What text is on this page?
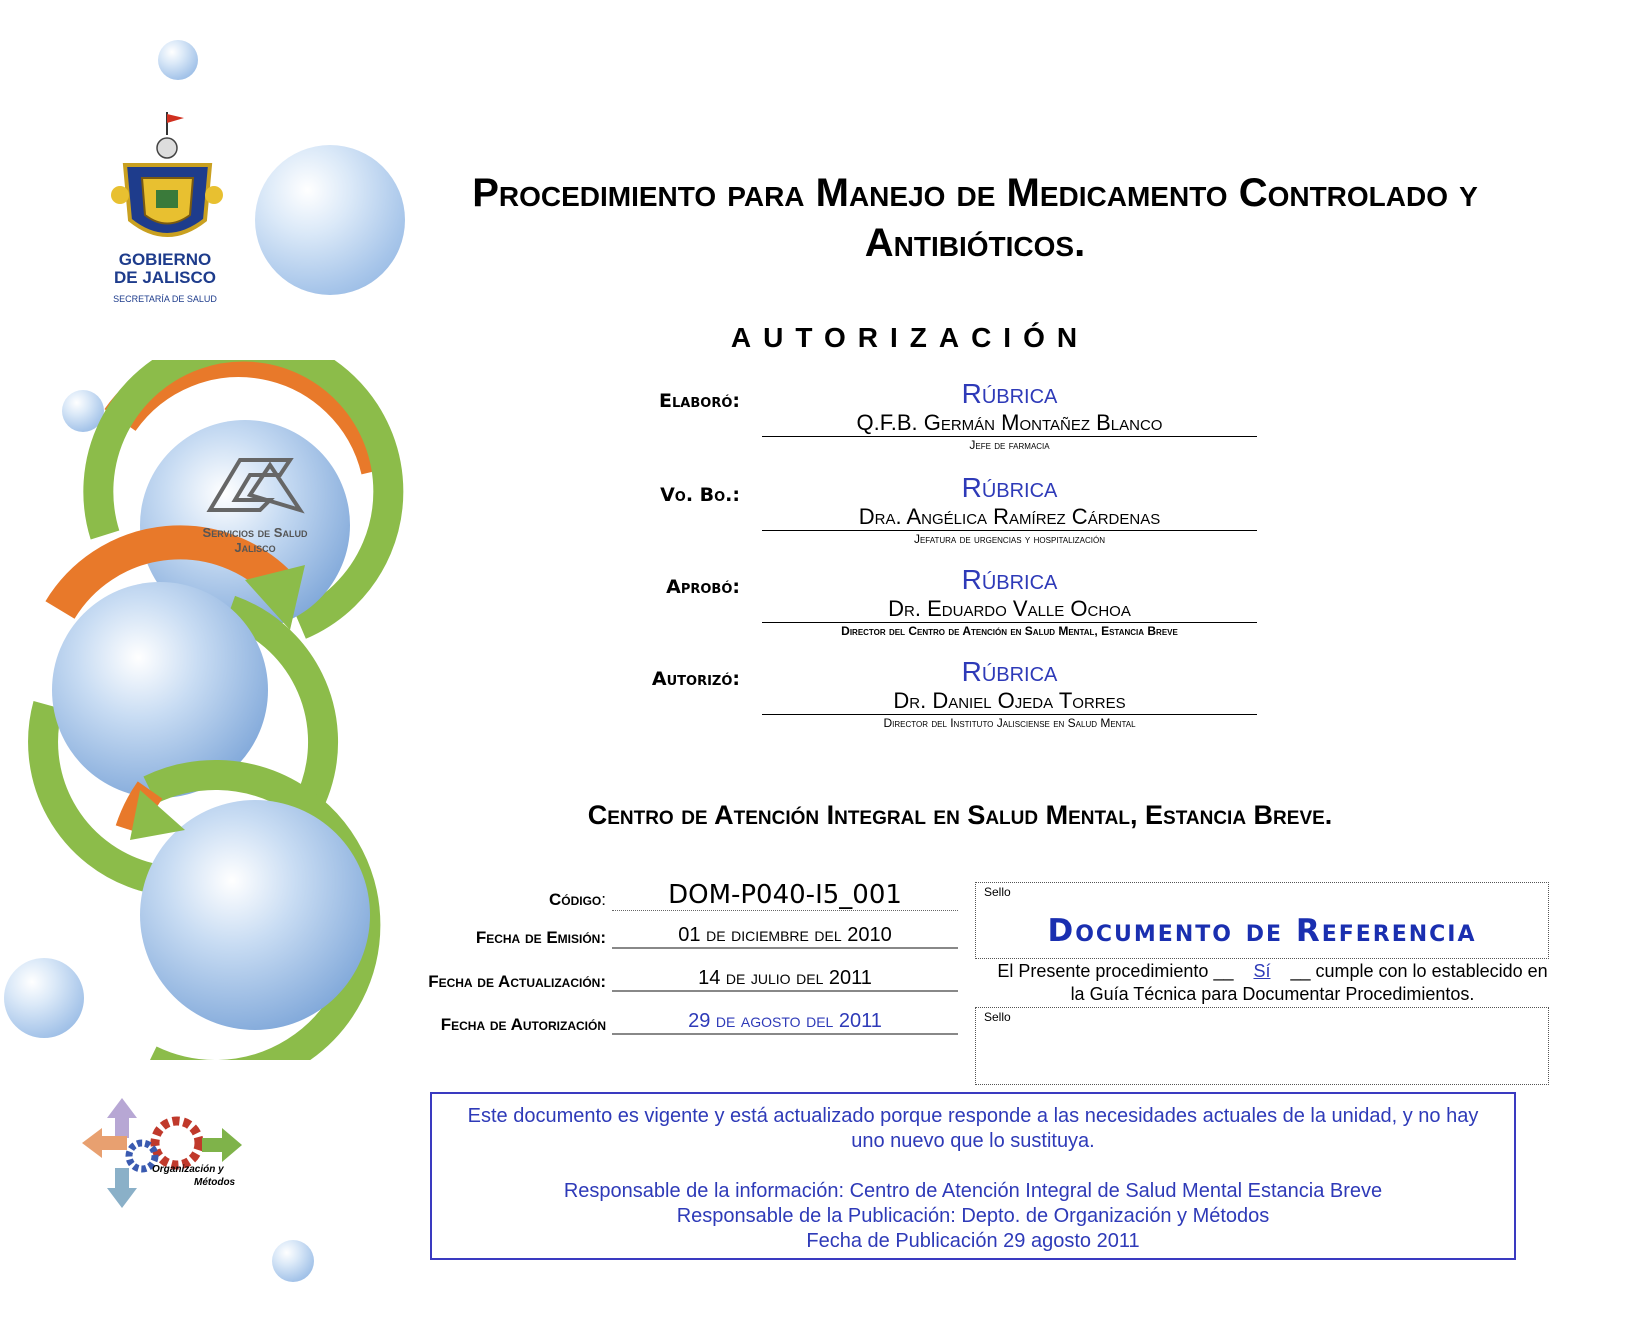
GOBIERNO
DE JALISCO
SECRETARÍA DE SALUD
Servicios de Salud
Jalisco
Organización y
Métodos
Procedimiento para Manejo de Medicamento Controlado y
Antibióticos.
AUTORIZACIÓN
Elaboró:	Rúbrica
Q.F.B. Germán Montañez Blanco
Jefe de farmacia
Vo. Bo.:	Rúbrica
Dra. Angélica Ramírez Cárdenas
Jefatura de urgencias y hospitalización
Aprobó:	Rúbrica
Dr. Eduardo Valle Ochoa
Director del Centro de Atención en Salud Mental, Estancia Breve
Autorizó:	Rúbrica
Dr. Daniel Ojeda Torres
Director del Instituto Jalisciense en Salud Mental
Centro de Atención Integral en Salud Mental, Estancia Breve.
Código:	DOM-P040-I5_001
Fecha de Emisión:	01 de diciembre del 2010
Fecha de Actualización:	14 de julio del 2011
Fecha de Autorización	29 de agosto del 2011
Sello
Documento de Referencia
El Presente procedimiento __ Sí __ cumple con lo establecido en
la Guía Técnica para Documentar Procedimientos.
Sello

Este documento es vigente y está actualizado porque responde a las necesidades actuales de la unidad, y no hay uno nuevo que lo sustituya.

Responsable de la información: Centro de Atención Integral de Salud Mental Estancia Breve

Responsable de la Publicación: Depto. de Organización y Métodos

Fecha de Publicación 29 agosto 2011
